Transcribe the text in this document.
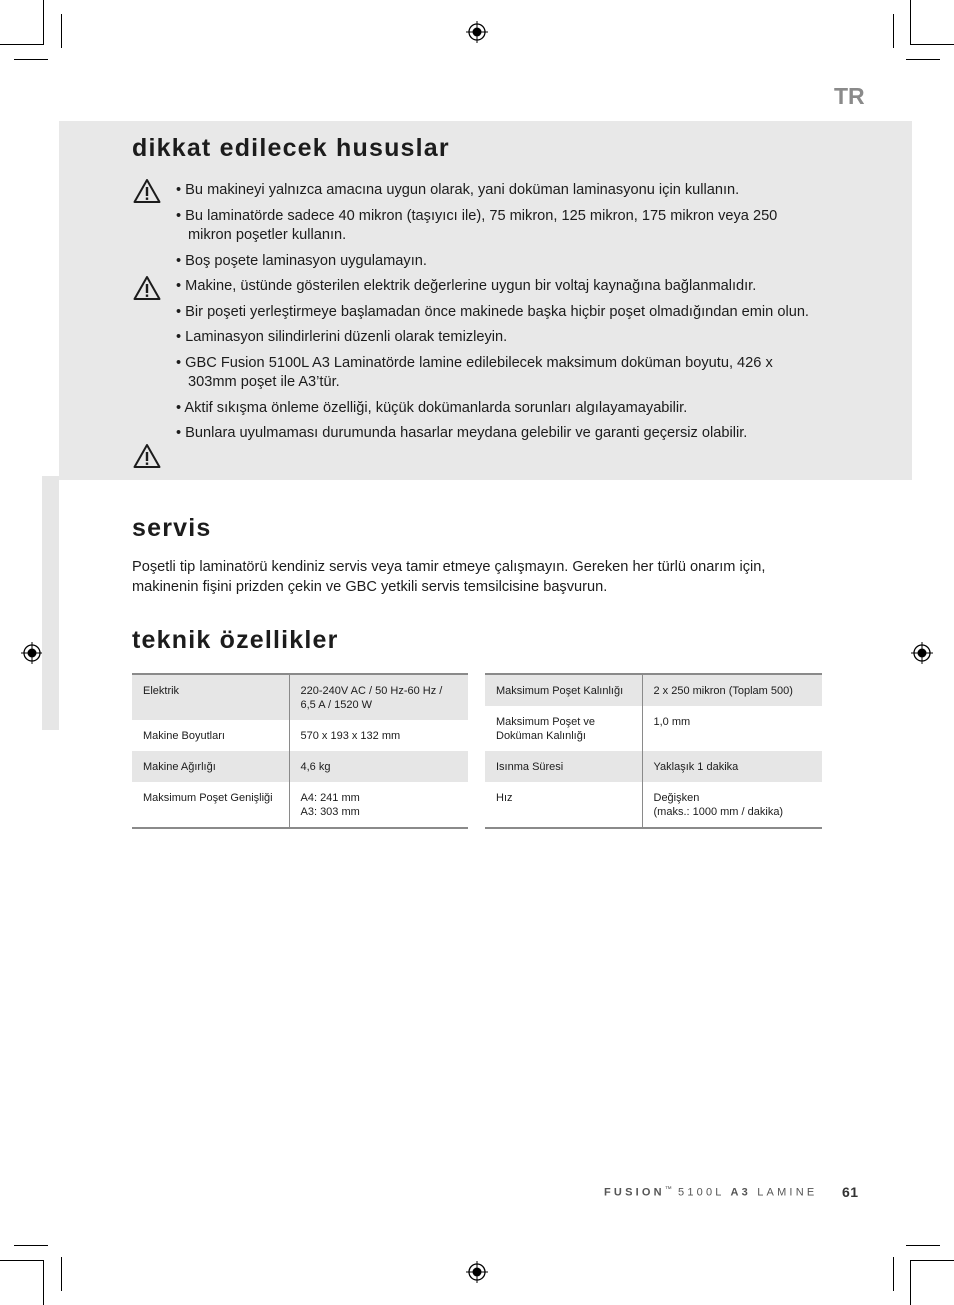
TR
dikkat edilecek hususlar
• Bu makineyi yalnızca amacına uygun olarak, yani doküman laminasyonu için kullanın.
• Bu laminatörde sadece 40 mikron (taşıyıcı ile), 75 mikron, 125 mikron, 175 mikron veya 250 mikron poşetler kullanın.
• Boş poşete laminasyon uygulamayın.
• Makine, üstünde gösterilen elektrik değerlerine uygun bir voltaj kaynağına bağlanmalıdır.
• Bir poşeti yerleştirmeye başlamadan önce makinede başka hiçbir poşet olmadığından emin olun.
• Laminasyon silindirlerini düzenli olarak temizleyin.
• GBC Fusion 5100L A3 Laminatörde lamine edilebilecek maksimum doküman boyutu, 426 x 303mm poşet ile A3’tür.
• Aktif sıkışma önleme özelliği, küçük dokümanlarda sorunları algılayamayabilir.
• Bunlara uyulmaması durumunda hasarlar meydana gelebilir ve garanti geçersiz olabilir.
servis

Poşetli tip laminatörü kendiniz servis veya tamir etmeye çalışmayın. Gereken her türlü onarım için, makinenin fişini prizden çekin ve GBC yetkili servis temsilcisine başvurun.

teknik özellikler
Elektrik	220-240V AC / 50 Hz-60 Hz / 6,5 A / 1520 W
Makine Boyutları	570 x 193 x 132 mm
Makine Ağırlığı	4,6 kg
Maksimum Poşet Genişliği	A4: 241 mm
A3: 303 mm
Maksimum Poşet Kalınlığı	2 x 250 mikron (Toplam 500)
Maksimum Poşet ve Doküman Kalınlığı	1,0 mm
Isınma Süresi	Yaklaşık 1 dakika
Hız	Değişken
(maks.: 1000 mm / dakika)
FUSION™ 5100L A3 LAMINE 61
